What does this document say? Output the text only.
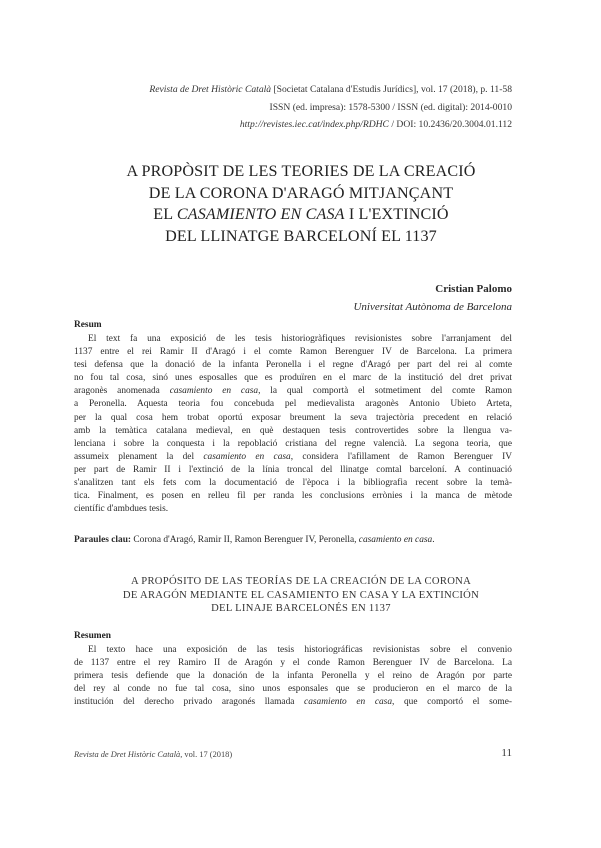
Revista de Dret Històric Català [Societat Catalana d'Estudis Jurídics], vol. 17 (2018), p. 11-58
ISSN (ed. impresa): 1578-5300 / ISSN (ed. digital): 2014-0010
http://revistes.iec.cat/index.php/RDHC / DOI: 10.2436/20.3004.01.112
A PROPÒSIT DE LES TEORIES DE LA CREACIÓ
DE LA CORONA D'ARAGÓ MITJANÇANT
EL CASAMIENTO EN CASA I L'EXTINCIÓ
DEL LLINATGE BARCELONÍ EL 1137
Cristian Palomo
Universitat Autònoma de Barcelona
Resum
El text fa una exposició de les tesis historiogràfiques revisionistes sobre l'arranjament del
1137 entre el rei Ramir II d'Aragó i el comte Ramon Berenguer IV de Barcelona. La primera
tesi defensa que la donació de la infanta Peronella i el regne d'Aragó per part del rei al comte
no fou tal cosa, sinó unes esposalles que es produïren en el marc de la institució del dret privat
aragonès anomenada casamiento en casa, la qual comportà el sotmetiment del comte Ramon
a Peronella. Aquesta teoria fou concebuda pel medievalista aragonès Antonio Ubieto Arteta,
per la qual cosa hem trobat oportú exposar breument la seva trajectòria precedent en relació
amb la temàtica catalana medieval, en què destaquen tesis controvertides sobre la llengua va-
lenciana i sobre la conquesta i la repoblació cristiana del regne valencià. La segona teoria, que
assumeix plenament la del casamiento en casa, considera l'afillament de Ramon Berenguer IV
per part de Ramir II i l'extinció de la línia troncal del llinatge comtal barceloní. A continuació
s'analitzen tant els fets com la documentació de l'època i la bibliografia recent sobre la temà-
tica. Finalment, es posen en relleu fil per randa les conclusions errònies i la manca de mètode
científic d'ambdues tesis.
Paraules clau: Corona d'Aragó, Ramir II, Ramon Berenguer IV, Peronella, casamiento en casa.
A PROPÓSITO DE LAS TEORÍAS DE LA CREACIÓN DE LA CORONA
DE ARAGÓN MEDIANTE EL CASAMIENTO EN CASA Y LA EXTINCIÓN
DEL LINAJE BARCELONÉS EN 1137
Resumen
El texto hace una exposición de las tesis historiográficas revisionistas sobre el convenio
de 1137 entre el rey Ramiro II de Aragón y el conde Ramon Berenguer IV de Barcelona. La
primera tesis defiende que la donación de la infanta Peronella y el reino de Aragón por parte
del rey al conde no fue tal cosa, sino unos esponsales que se producieron en el marco de la
institución del derecho privado aragonés llamada casamiento en casa, que comportó el some-
Revista de Dret Històric Català, vol. 17 (2018)	11
